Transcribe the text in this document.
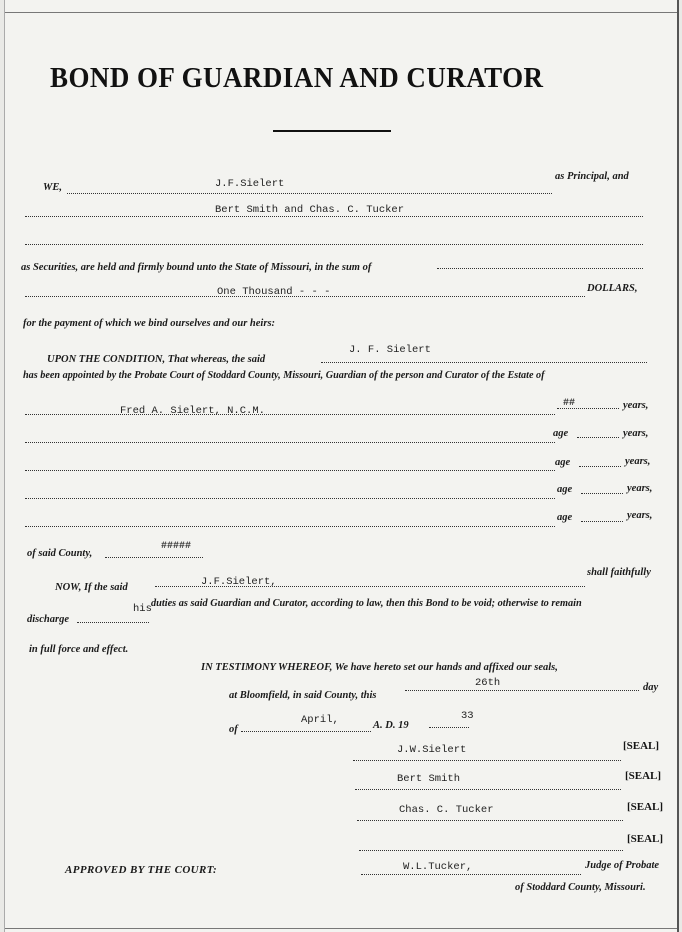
BOND OF GUARDIAN AND CURATOR
WE,	J.F.Sielert
as Principal, and
Bert Smith and Chas. C. Tucker
as Securities, are held and firmly bound unto the State of Missouri, in the sum of
One Thousand - - -	DOLLARS,
for the payment of which we bind ourselves and our heirs:
UPON THE CONDITION, That whereas, the said
J. F. Sielert
has been appointed by the Probate Court of Stoddard County, Missouri, Guardian of the person and Curator of the Estate of
Fred A. Sielert, N.C.M.
##	years,
age	years,
age	years,
age	years,
age	years,
of said County,
#####
NOW, If the said	J.F.Sielert,
shall faithfully
discharge
his duties as said Guardian and Curator, according to law, then this Bond to be void; otherwise to remain
in full force and effect.
IN TESTIMONY WHEREOF, We have hereto set our hands and affixed our seals,
at Bloomfield, in said County, this
26th	day
of
April,	A. D. 19
33
J.W.Sielert	[SEAL]
Bert Smith	[SEAL]
Chas. C. Tucker	[SEAL]
[SEAL]
APPROVED BY THE COURT:	W.L.Tucker,	Judge of Probate
of Stoddard County, Missouri.
